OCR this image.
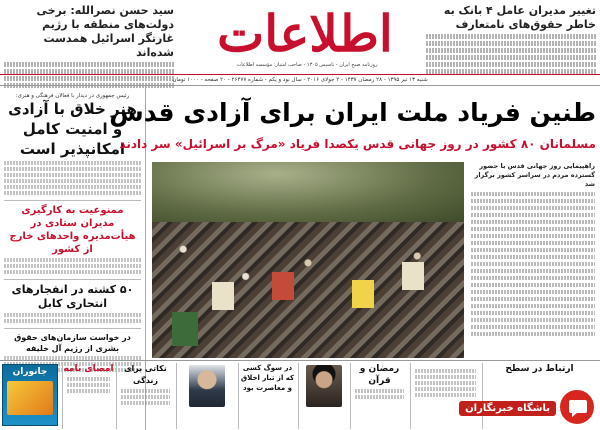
تغییر مدیران عامل ۴ بانک به خاطر حقوق‌های نامتعارف
اطلاعات
روزنامه صبح ایران - تأسیس ۱۳۰۵ - صاحب امتیاز: مؤسسه اطلاعات
سید حسن نصرالله: برخی دولت‌های منطقه با رژیم غارتگر اسرائیل همدست شده‌اند
شنبه ۱۳ تیر ۱۳۹۵ - ۲۸ رمضان ۱۴۳۷ - ۲ جولای ۲۰۱۶ - سال نود و یکم - شماره ۲۶۴۷۷ - ۲۰ صفحه - ۱۰۰۰ تومان
رئیس جمهوری در دیدار با فعالان فرهنگی و هنری:
هنر خلاق با آزادی و امنیت کامل امکانپذیر است
ممنوعیت به کارگیری مدیران ستادی در هیأت‌مدیره واحدهای خارج از کشور
۵۰ کشته در انفجارهای انتحاری کابل
در خواست سازمان‌های حقوق بشری از رژیم آل خلیفه
طنین فریاد ملت ایران برای آزادی قدس
مسلمانان ۸۰ کشور در روز جهانی قدس یکصدا فریاد «مرگ بر اسرائیل» سر دادند
راهپیمایی روز جهانی قدس با حضور گسترده مردم در سراسر کشور برگزار شد
امضای نامه	نکاتی برای زندگی
در سوگ کسی که از تبار اخلاق و معاصرت بود
رمضان و قرآن
ارتباط در سطح
جانوران
باشگاه خبرنگاران
